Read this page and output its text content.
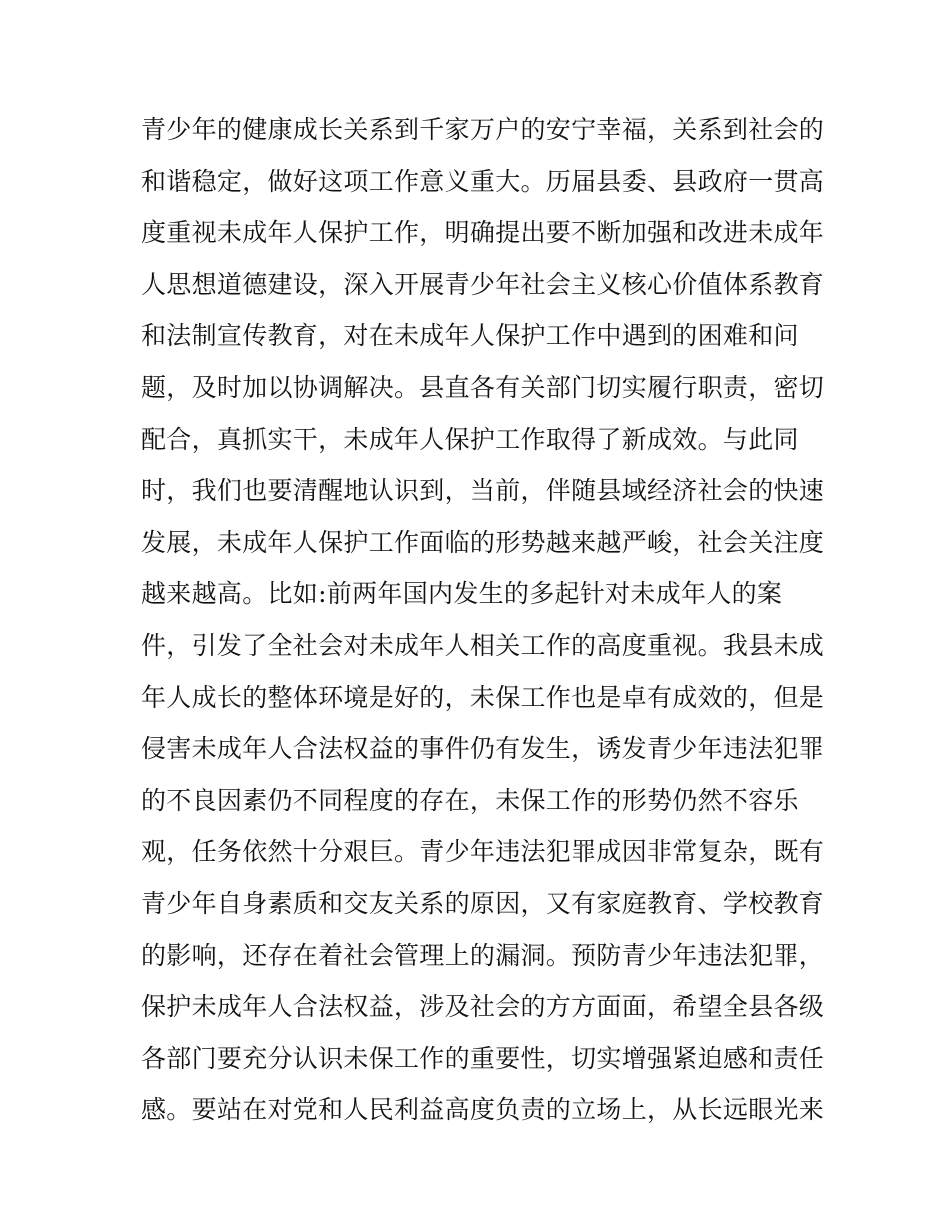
青少年的健康成长关系到千家万户的安宁幸福，关系到社会的
和谐稳定，做好这项工作意义重大。历届县委、县政府一贯高
度重视未成年人保护工作，明确提出要不断加强和改进未成年
人思想道德建设，深入开展青少年社会主义核心价值体系教育
和法制宣传教育，对在未成年人保护工作中遇到的困难和问
题，及时加以协调解决。县直各有关部门切实履行职责，密切
配合，真抓实干，未成年人保护工作取得了新成效。与此同
时，我们也要清醒地认识到，当前，伴随县域经济社会的快速
发展，未成年人保护工作面临的形势越来越严峻，社会关注度
越来越高。比如:前两年国内发生的多起针对未成年人的案
件，引发了全社会对未成年人相关工作的高度重视。我县未成
年人成长的整体环境是好的，未保工作也是卓有成效的，但是
侵害未成年人合法权益的事件仍有发生，诱发青少年违法犯罪
的不良因素仍不同程度的存在，未保工作的形势仍然不容乐
观，任务依然十分艰巨。青少年违法犯罪成因非常复杂，既有
青少年自身素质和交友关系的原因，又有家庭教育、学校教育
的影响，还存在着社会管理上的漏洞。预防青少年违法犯罪，
保护未成年人合法权益，涉及社会的方方面面，希望全县各级
各部门要充分认识未保工作的重要性，切实增强紧迫感和责任
感。要站在对党和人民利益高度负责的立场上，从长远眼光来
